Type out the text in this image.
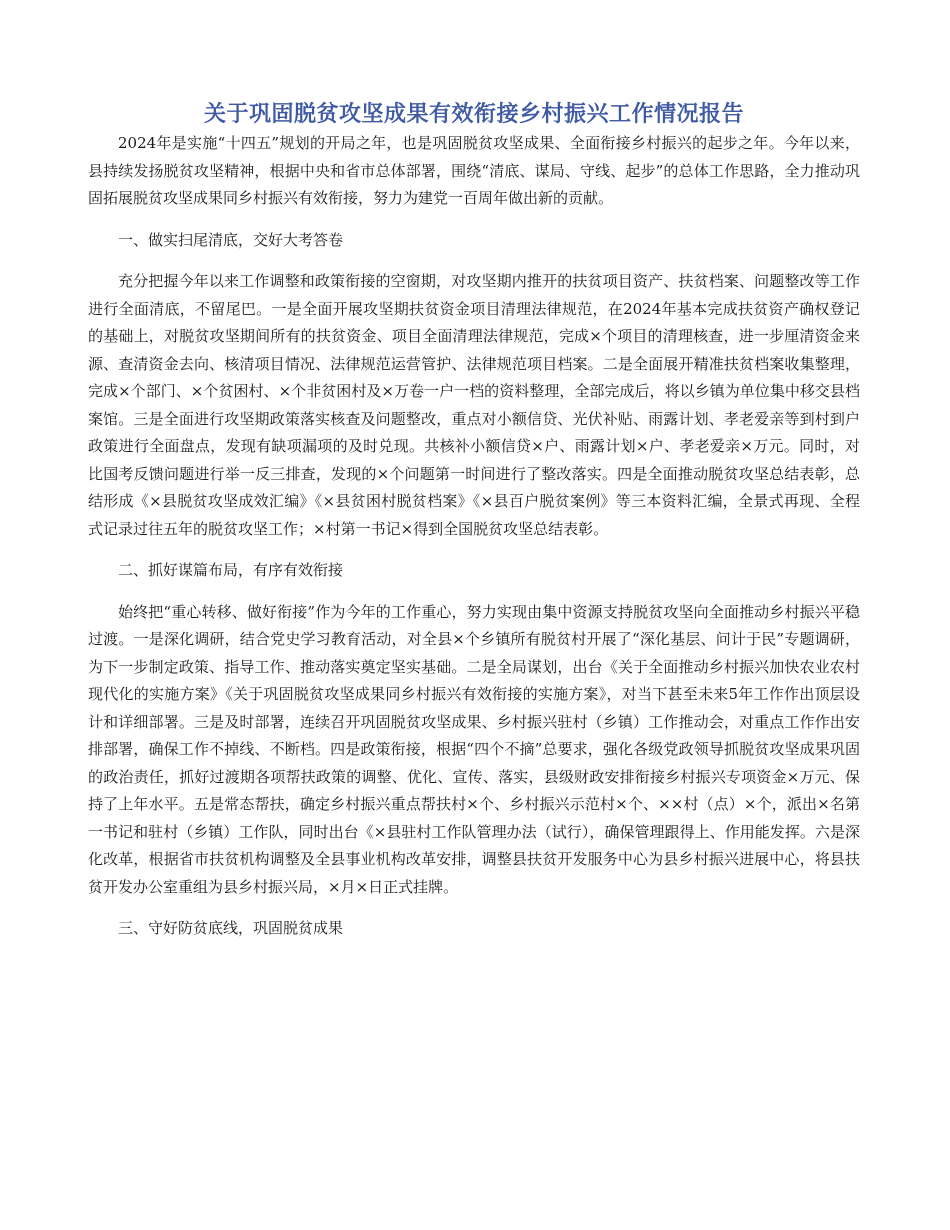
关于巩固脱贫攻坚成果有效衔接乡村振兴工作情况报告

2024年是实施“十四五”规划的开局之年，也是巩固脱贫攻坚成果、全面衔接乡村振兴的起步之年。今年以来，县持续发扬脱贫攻坚精神，根据中央和省市总体部署，围绕“清底、谋局、守线、起步”的总体工作思路，全力推动巩固拓展脱贫攻坚成果同乡村振兴有效衔接，努力为建党一百周年做出新的贡献。

一、做实扫尾清底，交好大考答卷

充分把握今年以来工作调整和政策衔接的空窗期，对攻坚期内推开的扶贫项目资产、扶贫档案、问题整改等工作进行全面清底，不留尾巴。一是全面开展攻坚期扶贫资金项目清理法律规范，在2024年基本完成扶贫资产确权登记的基础上，对脱贫攻坚期间所有的扶贫资金、项目全面清理法律规范，完成×个项目的清理核查，进一步厘清资金来源、查清资金去向、核清项目情况、法律规范运营管护、法律规范项目档案。二是全面展开精准扶贫档案收集整理，完成×个部门、×个贫困村、×个非贫困村及×万卷一户一档的资料整理，全部完成后，将以乡镇为单位集中移交县档案馆。三是全面进行攻坚期政策落实核查及问题整改，重点对小额信贷、光伏补贴、雨露计划、孝老爱亲等到村到户政策进行全面盘点，发现有缺项漏项的及时兑现。共核补小额信贷×户、雨露计划×户、孝老爱亲×万元。同时，对比国考反馈问题进行举一反三排查，发现的×个问题第一时间进行了整改落实。四是全面推动脱贫攻坚总结表彰，总结形成《×县脱贫攻坚成效汇编》《×县贫困村脱贫档案》《×县百户脱贫案例》等三本资料汇编，全景式再现、全程式记录过往五年的脱贫攻坚工作；×村第一书记×得到全国脱贫攻坚总结表彰。

二、抓好谋篇布局，有序有效衔接

始终把“重心转移、做好衔接”作为今年的工作重心，努力实现由集中资源支持脱贫攻坚向全面推动乡村振兴平稳过渡。一是深化调研，结合党史学习教育活动，对全县×个乡镇所有脱贫村开展了“深化基层、问计于民”专题调研，为下一步制定政策、指导工作、推动落实奠定坚实基础。二是全局谋划，出台《关于全面推动乡村振兴加快农业农村现代化的实施方案》《关于巩固脱贫攻坚成果同乡村振兴有效衔接的实施方案》，对当下甚至未来5年工作作出顶层设计和详细部署。三是及时部署，连续召开巩固脱贫攻坚成果、乡村振兴驻村（乡镇）工作推动会，对重点工作作出安排部署，确保工作不掉线、不断档。四是政策衔接，根据“四个不摘”总要求，强化各级党政领导抓脱贫攻坚成果巩固的政治责任，抓好过渡期各项帮扶政策的调整、优化、宣传、落实，县级财政安排衔接乡村振兴专项资金×万元、保持了上年水平。五是常态帮扶，确定乡村振兴重点帮扶村×个、乡村振兴示范村×个、××村（点）×个，派出×名第一书记和驻村（乡镇）工作队，同时出台《×县驻村工作队管理办法（试行），确保管理跟得上、作用能发挥。六是深化改革，根据省市扶贫机构调整及全县事业机构改革安排，调整县扶贫开发服务中心为县乡村振兴进展中心，将县扶贫开发办公室重组为县乡村振兴局，×月×日正式挂牌。

三、守好防贫底线，巩固脱贫成果
